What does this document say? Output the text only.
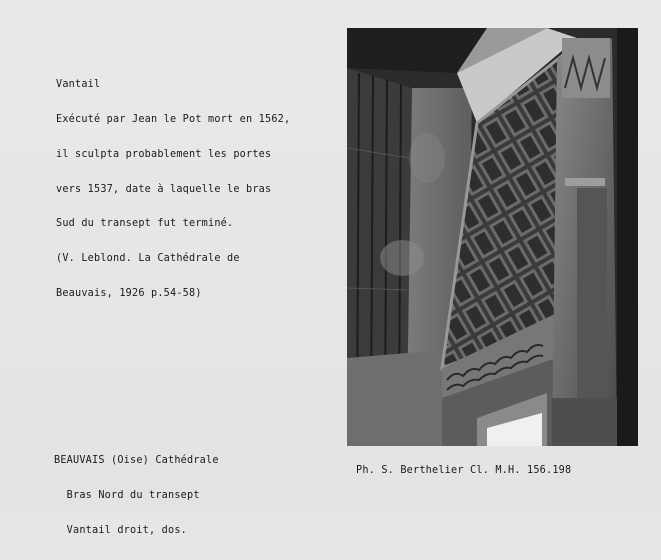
Vantail

Exécuté par Jean le Pot mort en 1562,

il sculpta probablement les portes

vers 1537, date à laquelle le bras

Sud du transept fut terminé.

(V. Leblond. La Cathédrale de

Beauvais, 1926 p.54-58)

BEAUVAIS (Oise) Cathédrale

Bras Nord du transept

Vantail droit, dos.

Ph. S. Berthelier Cl. M.H. 156.198
